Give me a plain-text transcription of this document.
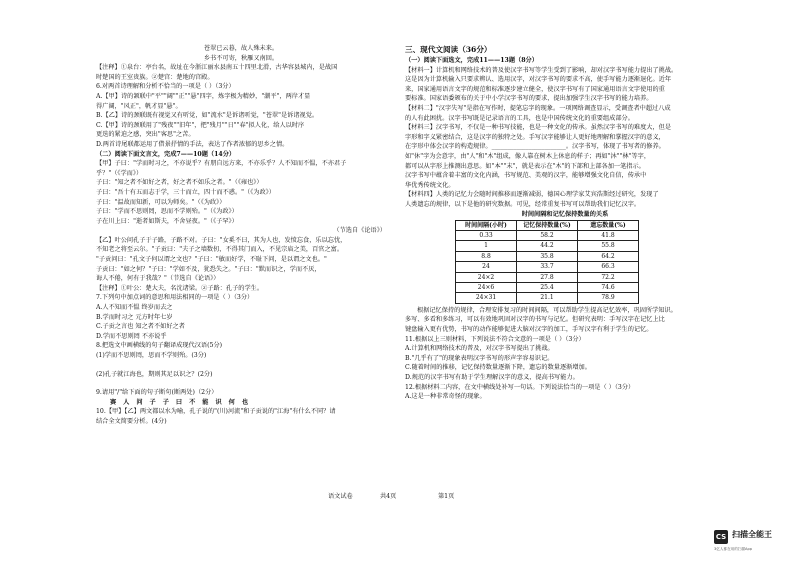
苍翠已云暮，故人殊未来。
乡书不可寄，秋雁又南回。
【注释】①泉台：亭台名，故址在今浙江丽水县南五十四里北滑，古华容县城内，是战国
时楚国的王室贵族。②楚宫：楚地的宫殿。
6.对两首诗理解和分析不恰当的一项是（ ）（3分）
A.【甲】诗的颔联中"平""阔""正""悬"四字，炼字极为精妙，"潮平"，两岸才显
得广阔，"风正"，帆才显"悬"。
B.【乙】诗的颈联既有视觉又有听觉，如"流水"是诉诸听觉，"苍翠"是诉诸视觉。
C.【甲】诗的颈联用了"残夜""旧年"，把"残月""日""春"拟人化，给人以时序
更迭的紧迫之感，突出"客思"之苦。
D.两首诗尾联都运用了借景抒情的手法，表达了作者浓郁的思乡之情。
（二）阅读下面文言文，完成7——10题（14分）
【甲】子曰："学而时习之，不亦说乎？有朋自远方来，不亦乐乎？人不知而不愠，不亦君子
乎？"（《学而》）
子曰："知之者不如好之者，好之者不如乐之者。"（《雍也》）
子曰："吾十有五而志于学，三十而立，四十而不惑。"（《为政》）
子曰："温故而知新，可以为师矣。"（《为政》）
子曰："学而不思则罔，思而不学则殆。"（《为政》）
子在川上曰："逝者如斯夫，不舍昼夜。"（《子罕》）
（节选自《论语》）
【乙】叶公问孔子于子路，子路不对。子曰："女奚不曰，其为人也，发愤忘食，乐以忘忧，
不知老之将至云尔。"子贡曰："夫子之墙数仞，不得其门而入，不见宗庙之美，百官之富。
"子贡问曰："孔文子何以谓之文也？"子曰："敏而好学，不耻下问，是以谓之文也。"
子贡曰："如之何？"子曰："学如不及，犹恐失之。"子曰："默而识之，学而不厌，
诲人不倦，何有于我哉？"（节选自《论语》）
【注释】①叶公：楚大夫，名沈诸梁。②子路：孔子的学生。
7.下列句中加点词的意思和用法相同的一项是（ ）（3分）
A.人不知而不愠 终岁而去之
B.学而时习之 元方时年七岁
C.子贡之言也 知之者不如好之者
D.学而不思则罔 不亦说乎
8.把选文中画横线的句子翻译成现代汉语(5分)
(1)学而不思则罔，思而不学则殆。(3分)
(2)孔子就江海也，期则其足以识之？(2分)
9.请用"/"给下面的句子断句(断两处)（2分）
赛人问子子曰不能识何也
10.【甲】【乙】两文都以水为喻，孔子说的"(川)河流"和子贡说的"江海"有什么不同？请
结合全文简要分析。(4分)
三、现代文阅读（36分）
（一）阅读下面选文，完成11——13题（8分）
【材料一】计算机和网络技术的普及使汉字书写等学生受到了影响，却对汉字书写能力提出了挑战。
这是因为计算机输入只要求辨认、选用汉字，对汉字书写的要求不高，使手写能力逐渐退化。近年
来，国家通用语言文字的规范和标准逐步建立健全，使汉字书写有了国家通用语言文字使用的重
要标准。国家语委颁布的关于中小学汉字书写的要求，提出加强学生汉字书写的能力培养。
【材料二】"汉字失写"是指在写作时，提笔忘字的现象。一项网络调查显示，受调查者中超过八成
的人有此困扰。汉字书写既是记录语言的工具，也是中国传统文化的重要组成部分。
【材料三】汉字书写，不仅是一种书写技能，也是一种文化的传承。虽然汉字书写的难度大，但是
字形和字义紧密结合，这是汉字的独特之处。手写汉字能够让人更好地理解和掌握汉字的意义，
在字形中体会汉字的构造规律。________________________。汉字书写，体现了书写者的修养。
如"休"字为会意字，由"人"和"木"组成，像人靠在树木上休息的样子；再如"沐""林"等字，
都可以从字形上推测出意思。如"本""末"，就是表示在"木"的下部和上部各加一笔指示。
汉字书写中蕴含着丰富的文化内涵，书写规范、美观的汉字，能够增强文化自信，传承中
华优秀传统文化。
【材料四】人类的记忆力会随时间推移而逐渐减弱，德国心理学家艾宾浩斯经过研究，发现了
人类遗忘的规律，以下是他的研究数据。可见，经常重复书写可以帮助我们记忆汉字。
时间间隔和记忆保持数量的关系
时间间隔(小时)	记忆保持数量(%)	遗忘数量(%)
0.33	58.2	41.8
1	44.2	55.8
8.8	35.8	64.2
24	33.7	66.3
24×2	27.8	72.2
24×6	25.4	74.6
24×31	21.1	78.9
根据记忆保持的规律，合理安排复习的时间间隔，可以帮助学生提高记忆效率，巩固所学知识。
多写、多看和多练习，可以有效地巩固对汉字的书写与记忆。但研究表明：手写汉字在记忆上比
键盘输入更有优势，书写的动作能够促进大脑对汉字的加工，手写汉字有利于学生的记忆。
11.根据以上三则材料，下列说法不符合文意的一项是（ ）（3分）
A.计算机和网络技术的普及，对汉字书写提出了挑战。
B."几乎有了"的现象表明汉字书写的形声字容易识记。
C.随着时间的推移，记忆保持数量逐渐下降，遗忘的数量逐渐增加。
D.规范的汉字书写有助于学生理解汉字的意义，提高书写能力。
12.根据材料二内容，在文中横线处补写一句话。下列说法恰当的一项是（ ）（3分）
A.这是一种非常奇怪的现象。
语文试卷	共4页	第1页
CS 扫描全能王
3亿人都在用的扫描App
